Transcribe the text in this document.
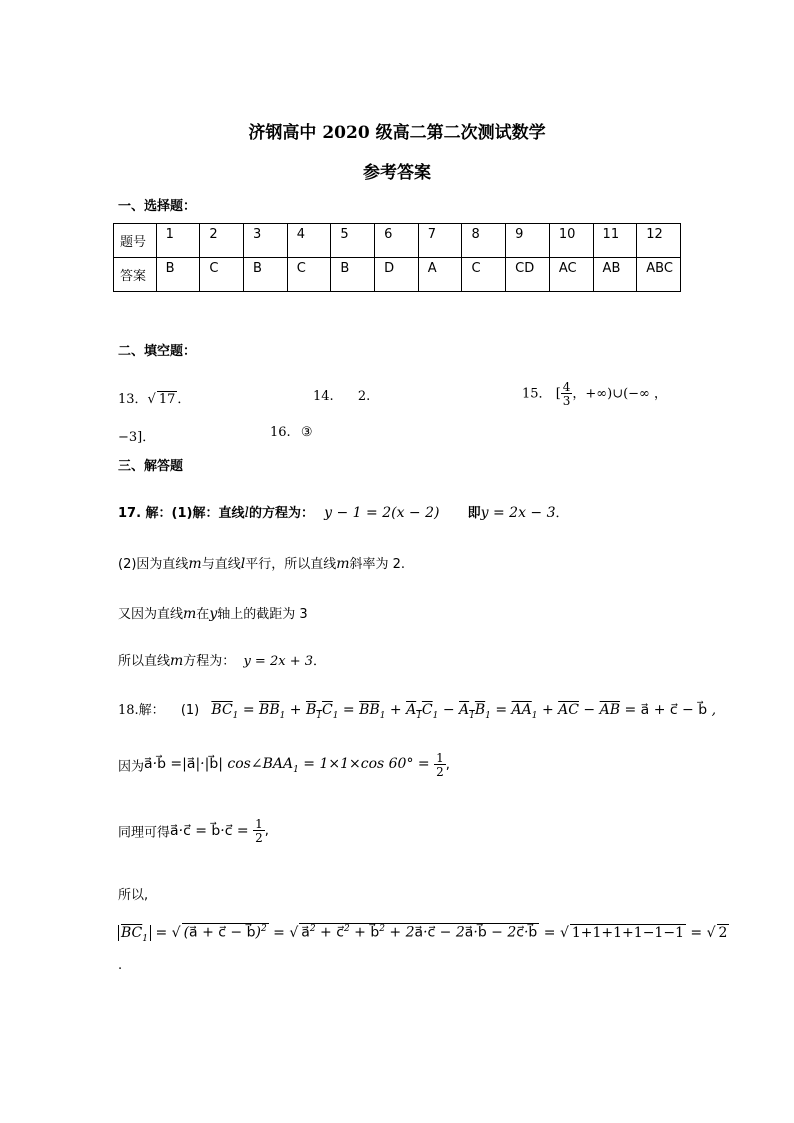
济钢高中 2020 级高二第二次测试数学
参考答案
一、选择题：
题号	1	2	3	4	5	6	7	8	9	10	11	12
答案	B	C	B	C	B	D	A	C	CD	AC	AB	ABC
二、填空题：
13．√ 17 ．	14. 2.	15． [ $\frac{4}{3}$ ，+∞)∪(−∞ ，
−3]．	16. ③
三、解答题
17. 解：(1)解：直线l的方程为： y − 1 = 2(x − 2) 即y = 2x − 3．
(2)因为直线m与直线l平行，所以直线m斜率为 2.
又因为直线m在y轴上的截距为 3
所以直线m方程为： y = 2x + 3．
18.解： (1) $\overline{BC}_1 = \overline{BB}_1 + B_1C_1 = \overline{BB}_1 + A_1C_1 - A_1B_1 = \overline{AA}_1 + \overline{AC} - \overline{AB}$ = a⃗ + c⃗ − b⃗ ,
因为a⃗·b⃗ =|a⃗|·|b⃗| $\cos\angle BAA_1 = 1\times 1\times\cos$ $60^\circ = \frac{1}{2}$ ,
同理可得a⃗·c⃗ = b⃗·c⃗ = $\frac{1}{2}$ ,
所以,
$\overline{BC}_1$ = √ (a⃗ + c⃗ − b⃗)$^2$ = √ a⃗$^2$ + c⃗$^2$ + b⃗$^2$ + 2a⃗·c⃗ − 2a⃗·b⃗ − 2c⃗·b⃗ = √ 1+1+1+1−1−1 = √ 2
.
